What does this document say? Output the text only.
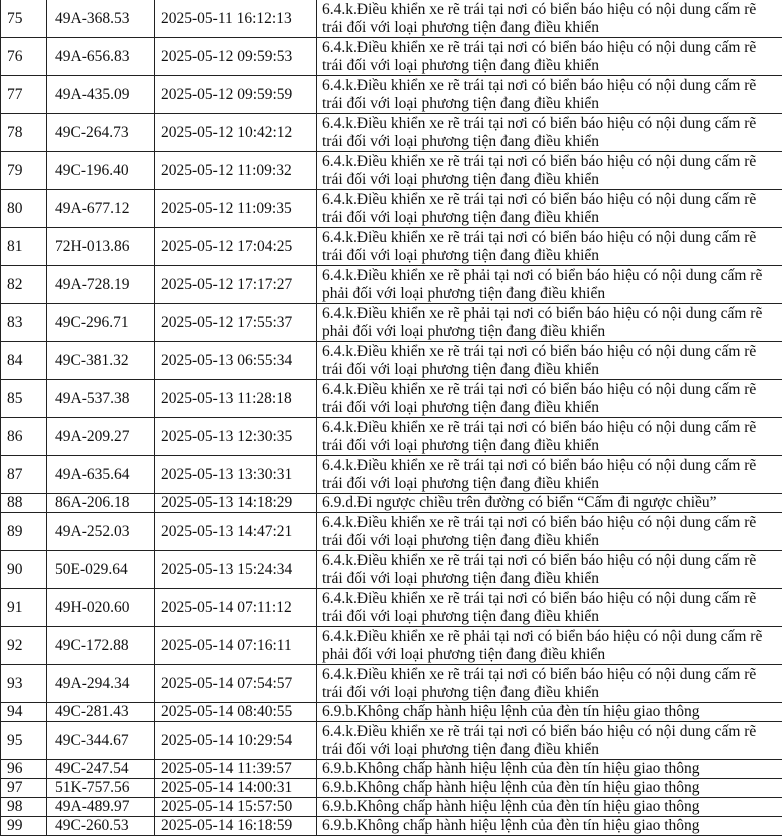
75	49A-368.53	2025-05-11 16:12:13	6.4.k.Điều khiển xe rẽ trái tại nơi có biển báo hiệu có nội dung cấm rẽ trái đối với loại phương tiện đang điều khiển
76	49A-656.83	2025-05-12 09:59:53	6.4.k.Điều khiển xe rẽ trái tại nơi có biển báo hiệu có nội dung cấm rẽ trái đối với loại phương tiện đang điều khiển
77	49A-435.09	2025-05-12 09:59:59	6.4.k.Điều khiển xe rẽ trái tại nơi có biển báo hiệu có nội dung cấm rẽ trái đối với loại phương tiện đang điều khiển
78	49C-264.73	2025-05-12 10:42:12	6.4.k.Điều khiển xe rẽ trái tại nơi có biển báo hiệu có nội dung cấm rẽ trái đối với loại phương tiện đang điều khiển
79	49C-196.40	2025-05-12 11:09:32	6.4.k.Điều khiển xe rẽ trái tại nơi có biển báo hiệu có nội dung cấm rẽ trái đối với loại phương tiện đang điều khiển
80	49A-677.12	2025-05-12 11:09:35	6.4.k.Điều khiển xe rẽ trái tại nơi có biển báo hiệu có nội dung cấm rẽ trái đối với loại phương tiện đang điều khiển
81	72H-013.86	2025-05-12 17:04:25	6.4.k.Điều khiển xe rẽ trái tại nơi có biển báo hiệu có nội dung cấm rẽ trái đối với loại phương tiện đang điều khiển
82	49A-728.19	2025-05-12 17:17:27	6.4.k.Điều khiển xe rẽ phải tại nơi có biển báo hiệu có nội dung cấm rẽ phải đối với loại phương tiện đang điều khiển
83	49C-296.71	2025-05-12 17:55:37	6.4.k.Điều khiển xe rẽ phải tại nơi có biển báo hiệu có nội dung cấm rẽ phải đối với loại phương tiện đang điều khiển
84	49C-381.32	2025-05-13 06:55:34	6.4.k.Điều khiển xe rẽ trái tại nơi có biển báo hiệu có nội dung cấm rẽ trái đối với loại phương tiện đang điều khiển
85	49A-537.38	2025-05-13 11:28:18	6.4.k.Điều khiển xe rẽ trái tại nơi có biển báo hiệu có nội dung cấm rẽ trái đối với loại phương tiện đang điều khiển
86	49A-209.27	2025-05-13 12:30:35	6.4.k.Điều khiển xe rẽ trái tại nơi có biển báo hiệu có nội dung cấm rẽ trái đối với loại phương tiện đang điều khiển
87	49A-635.64	2025-05-13 13:30:31	6.4.k.Điều khiển xe rẽ trái tại nơi có biển báo hiệu có nội dung cấm rẽ trái đối với loại phương tiện đang điều khiển
88	86A-206.18	2025-05-13 14:18:29	6.9.d.Đi ngược chiều trên đường có biển “Cấm đi ngược chiều”
89	49A-252.03	2025-05-13 14:47:21	6.4.k.Điều khiển xe rẽ trái tại nơi có biển báo hiệu có nội dung cấm rẽ trái đối với loại phương tiện đang điều khiển
90	50E-029.64	2025-05-13 15:24:34	6.4.k.Điều khiển xe rẽ trái tại nơi có biển báo hiệu có nội dung cấm rẽ trái đối với loại phương tiện đang điều khiển
91	49H-020.60	2025-05-14 07:11:12	6.4.k.Điều khiển xe rẽ trái tại nơi có biển báo hiệu có nội dung cấm rẽ trái đối với loại phương tiện đang điều khiển
92	49C-172.88	2025-05-14 07:16:11	6.4.k.Điều khiển xe rẽ phải tại nơi có biển báo hiệu có nội dung cấm rẽ phải đối với loại phương tiện đang điều khiển
93	49A-294.34	2025-05-14 07:54:57	6.4.k.Điều khiển xe rẽ trái tại nơi có biển báo hiệu có nội dung cấm rẽ trái đối với loại phương tiện đang điều khiển
94	49C-281.43	2025-05-14 08:40:55	6.9.b.Không chấp hành hiệu lệnh của đèn tín hiệu giao thông
95	49C-344.67	2025-05-14 10:29:54	6.4.k.Điều khiển xe rẽ trái tại nơi có biển báo hiệu có nội dung cấm rẽ trái đối với loại phương tiện đang điều khiển
96	49C-247.54	2025-05-14 11:39:57	6.9.b.Không chấp hành hiệu lệnh của đèn tín hiệu giao thông
97	51K-757.56	2025-05-14 14:00:31	6.9.b.Không chấp hành hiệu lệnh của đèn tín hiệu giao thông
98	49A-489.97	2025-05-14 15:57:50	6.9.b.Không chấp hành hiệu lệnh của đèn tín hiệu giao thông
99	49C-260.53	2025-05-14 16:18:59	6.9.b.Không chấp hành hiệu lệnh của đèn tín hiệu giao thông
